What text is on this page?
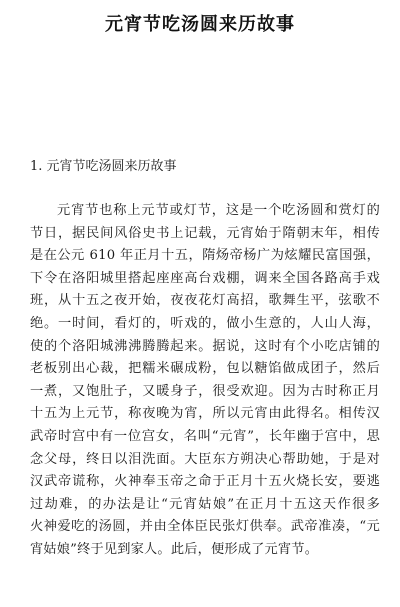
元宵节吃汤圆来历故事
1. 元宵节吃汤圆来历故事
元宵节也称上元节或灯节，这是一个吃汤圆和赏灯的
节日，据民间风俗史书上记载，元宵始于隋朝末年，相传
是在公元 610 年正月十五，隋炀帝杨广为炫耀民富国强，
下令在洛阳城里搭起座座高台戏棚，调来全国各路高手戏
班，从十五之夜开始，夜夜花灯高招，歌舞生平，弦歌不
绝。一时间，看灯的，听戏的，做小生意的，人山人海，
使的个洛阳城沸沸腾腾起来。据说，这时有个小吃店铺的
老板别出心裁，把糯米碾成粉，包以糖馅做成团子，然后
一煮，又饱肚子，又暖身子，很受欢迎。因为古时称正月
十五为上元节，称夜晚为宵，所以元宵由此得名。相传汉
武帝时宫中有一位宫女，名叫“元宵”，长年幽于宫中，思
念父母，终日以泪洗面。大臣东方朔决心帮助她，于是对
汉武帝谎称，火神奉玉帝之命于正月十五火烧长安，要逃
过劫难，的办法是让“元宵姑娘”在正月十五这天作很多
火神爱吃的汤圆，并由全体臣民张灯供奉。武帝准凑，“元
宵姑娘”终于见到家人。此后，便形成了元宵节。
